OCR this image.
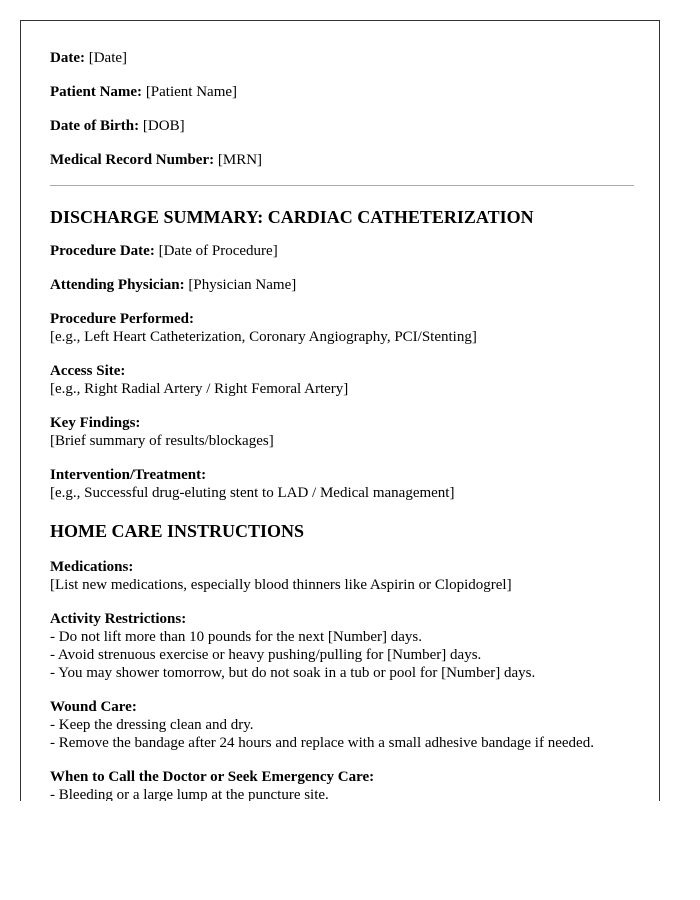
Date: [Date]
Patient Name: [Patient Name]
Date of Birth: [DOB]
Medical Record Number: [MRN]
DISCHARGE SUMMARY: CARDIAC CATHETERIZATION
Procedure Date: [Date of Procedure]
Attending Physician: [Physician Name]
Procedure Performed:
[e.g., Left Heart Catheterization, Coronary Angiography, PCI/Stenting]
Access Site:
[e.g., Right Radial Artery / Right Femoral Artery]
Key Findings:
[Brief summary of results/blockages]
Intervention/Treatment:
[e.g., Successful drug-eluting stent to LAD / Medical management]
HOME CARE INSTRUCTIONS
Medications:
[List new medications, especially blood thinners like Aspirin or Clopidogrel]
Activity Restrictions:
- Do not lift more than 10 pounds for the next [Number] days.
- Avoid strenuous exercise or heavy pushing/pulling for [Number] days.
- You may shower tomorrow, but do not soak in a tub or pool for [Number] days.
Wound Care:
- Keep the dressing clean and dry.
- Remove the bandage after 24 hours and replace with a small adhesive bandage if needed.
When to Call the Doctor or Seek Emergency Care:
- Bleeding or a large lump at the puncture site.
